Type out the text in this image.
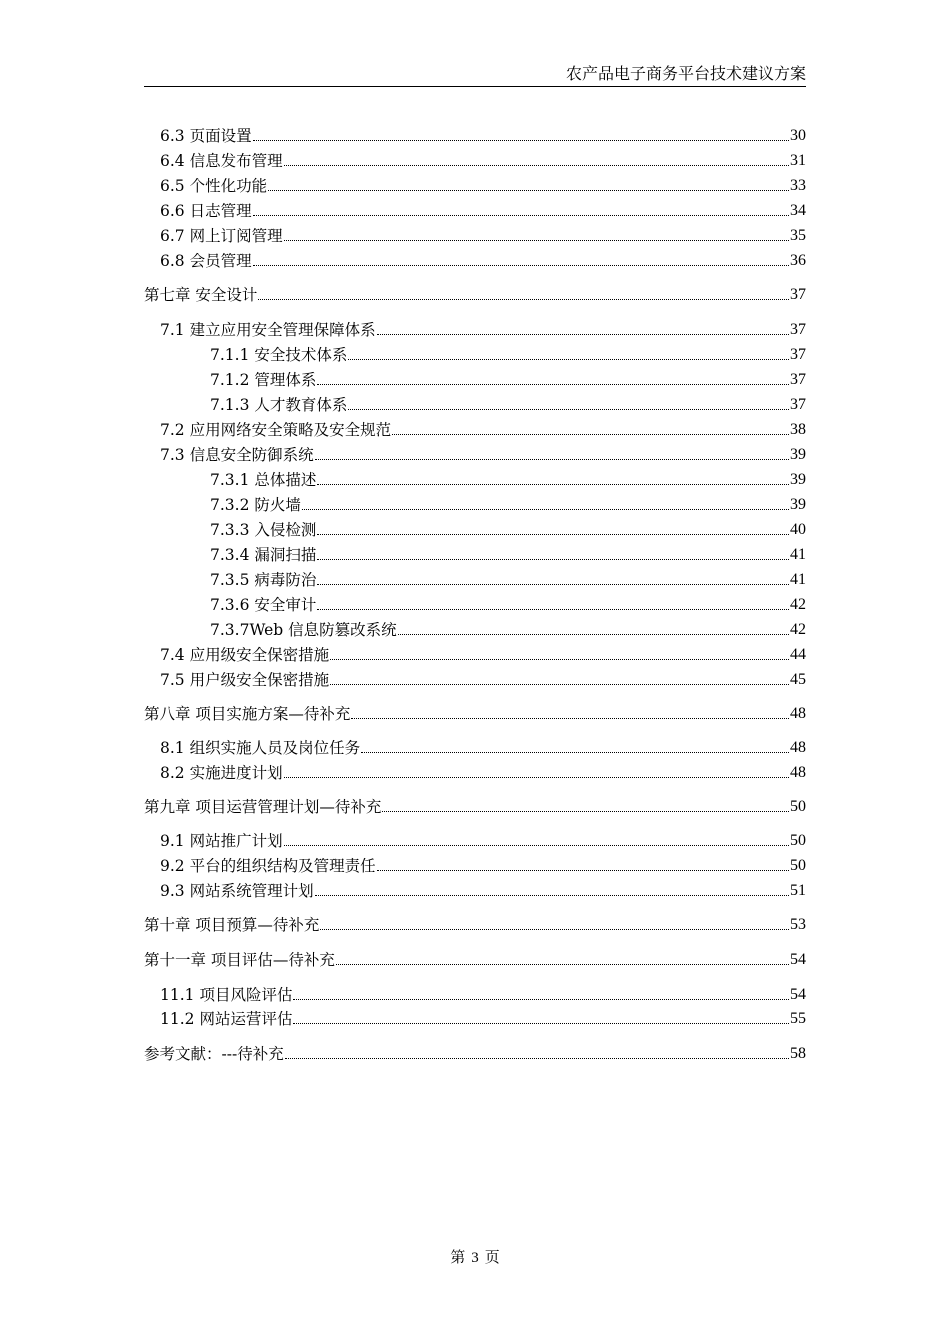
农产品电子商务平台技术建议方案
6.3 页面设置	30
6.4 信息发布管理	31
6.5 个性化功能	33
6.6 日志管理	34
6.7 网上订阅管理	35
6.8 会员管理	36
第七章 安全设计	37
7.1 建立应用安全管理保障体系	37
7.1.1 安全技术体系	37
7.1.2 管理体系	37
7.1.3 人才教育体系	37
7.2 应用网络安全策略及安全规范	38
7.3 信息安全防御系统	39
7.3.1 总体描述	39
7.3.2 防火墙	39
7.3.3 入侵检测	40
7.3.4 漏洞扫描	41
7.3.5 病毒防治	41
7.3.6 安全审计	42
7.3.7Web 信息防篡改系统	42
7.4 应用级安全保密措施	44
7.5 用户级安全保密措施	45
第八章 项目实施方案—待补充	48
8.1 组织实施人员及岗位任务	48
8.2 实施进度计划	48
第九章 项目运营管理计划—待补充	50
9.1 网站推广计划	50
9.2 平台的组织结构及管理责任	50
9.3 网站系统管理计划	51
第十章 项目预算—待补充	53
第十一章 项目评估—待补充	54
11.1 项目风险评估	54
11.2 网站运营评估	55
参考文献：---待补充	58
第 3 页
